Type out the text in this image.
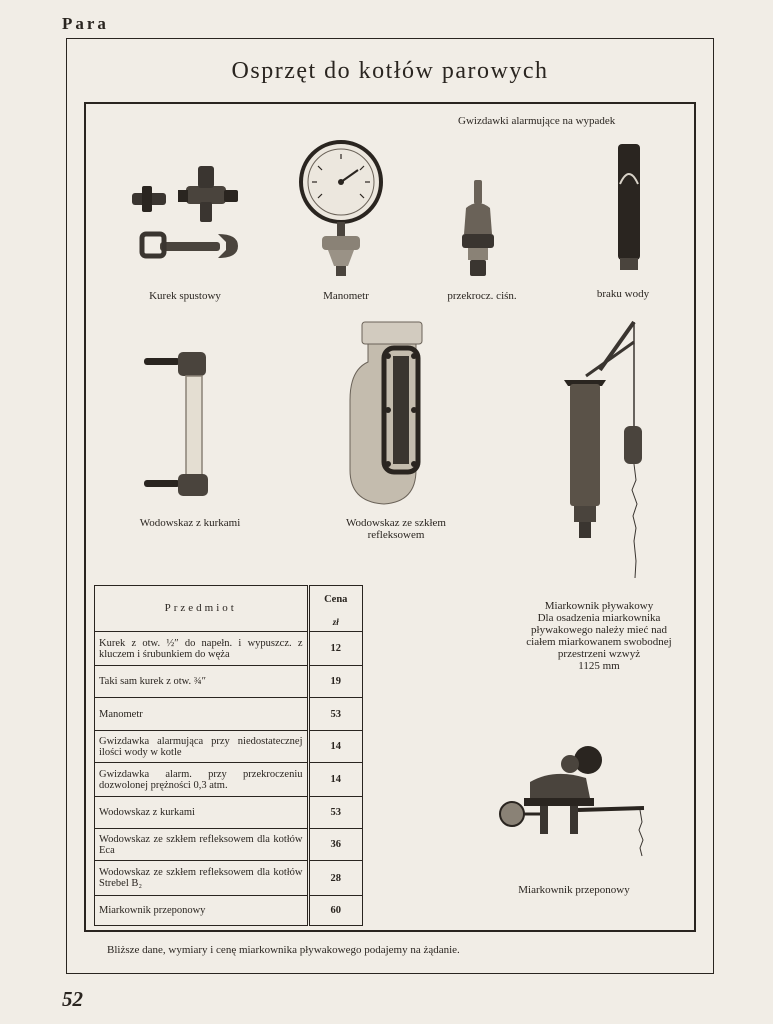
Para
Osprzęt do kotłów parowych
Gwizdawki alarmujące na wypadek
Kurek spustowy	Manometr	przekrocz. ciśn.	braku wody
Wodowskaz z kurkami	Wodowskaz ze szkłem refleksowem
Miarkownik pływakowy
Dla osadzenia miarkownika pływakowego należy mieć nad ciałem miarkowanem swobodnej przestrzeni wzwyż
1125 mm
Miarkownik przeponowy
Przedmiot	Cena
zł

Kurek z otw. ½″ do napełn. i wypuszcz. z kluczem i śrubunkiem do węża	12
Taki sam kurek z otw. ¾″	19
Manometr	53
Gwizdawka alarmująca przy niedostatecznej ilości wody w kotle	14
Gwizdawka alarm. przy przekroczeniu dozwolonej prężności 0,3 atm.	14
Wodowskaz z kurkami	53
Wodowskaz ze szkłem refleksowem dla kotłów Eca	36
Wodowskaz ze szkłem refleksowem dla kotłów Strebel B₂	28
Miarkownik przeponowy	60
Bliższe dane, wymiary i cenę miarkownika pływakowego podajemy na żądanie.
52
